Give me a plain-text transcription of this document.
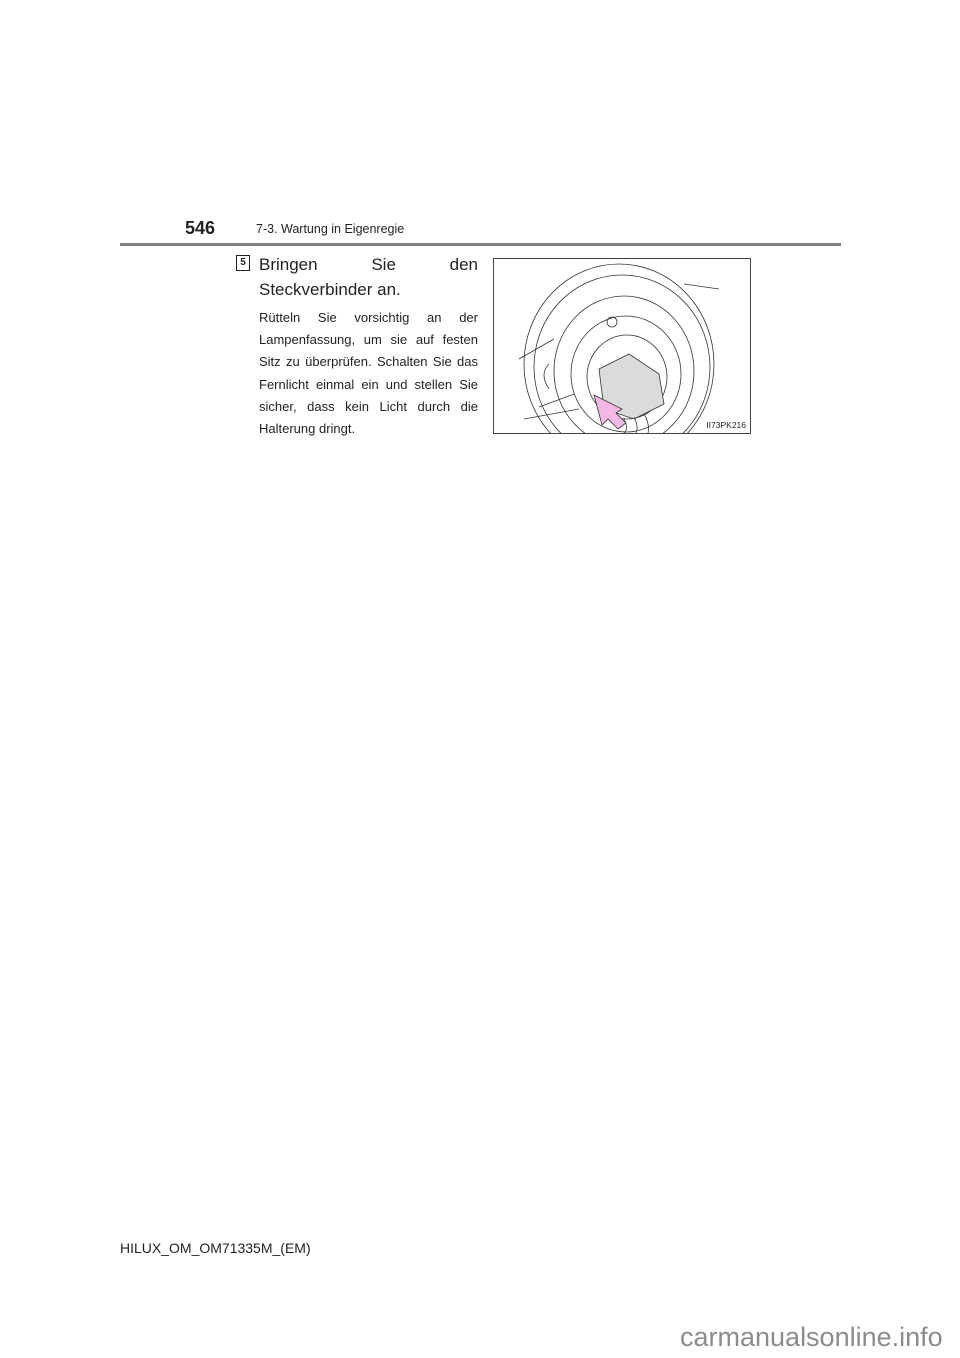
546	7-3. Wartung in Eigenregie
5 Bringen Sie den Steckverbinder an.
Rütteln Sie vorsichtig an der Lampenfassung, um sie auf festen Sitz zu überprüfen. Schalten Sie das Fernlicht einmal ein und stellen Sie sicher, dass kein Licht durch die Halterung dringt.	II73PK216
HILUX_OM_OM71335M_(EM)
carmanualsonline.info
